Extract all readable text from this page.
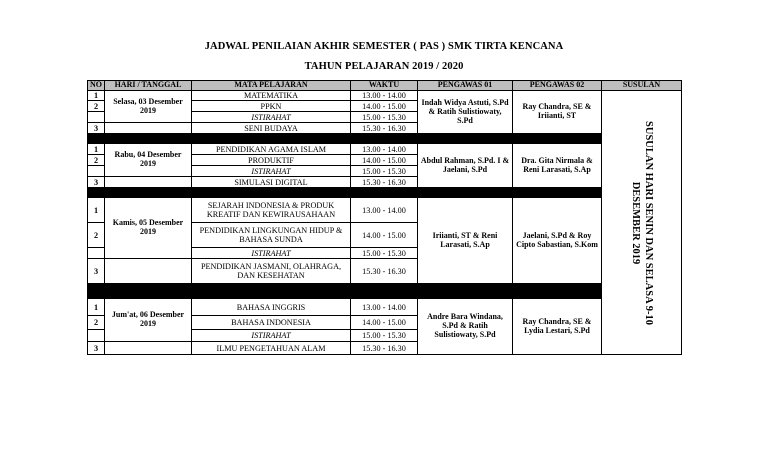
JADWAL PENILAIAN AKHIR SEMESTER ( PAS ) SMK TIRTA KENCANA
TAHUN PELAJARAN 2019 / 2020
NO	HARI / TANGGAL	MATA PELAJARAN	WAKTU	PENGAWAS 01	PENGAWAS 02	SUSULAN
1	Selasa, 03 Desember 2019	MATEMATIKA	13.00 - 14.00	Indah Widya Astuti, S.Pd & Ratih Sulistiowaty, S.Pd	Ray Chandra, SE & Iriianti, ST	SUSULAN HARI SENIN DAN SELASA 9-10 DESEMBER 2019

2		PPKN	14.00 - 15.00			
		ISTIRAHAT	15.00 - 15.30			
3		SENI BUDAYA	15.30 - 16.30			

1	Rabu, 04 Desember 2019	PENDIDIKAN AGAMA ISLAM	13.00 - 14.00	Abdul Rahman, S.Pd. I & Jaelani, S.Pd	Dra. Gita Nirmala & Reni Larasati, S.Ap	
2		PRODUKTIF	14.00 - 15.00			
		ISTIRAHAT	15.00 - 15.30			
3		SIMULASI DIGITAL	15.30 - 16.30			

1	Kamis, 05 Desember 2019	SEJARAH INDONESIA & PRODUK KREATIF DAN KEWIRAUSAHAAN	13.00 - 14.00	Iriianti, ST & Reni Larasati, S.Ap	Jaelani, S.Pd & Roy Cipto Sabastian, S.Kom	
2		PENDIDIKAN LINGKUNGAN HIDUP & BAHASA SUNDA	14.00 - 15.00			
		ISTIRAHAT	15.00 - 15.30			
3		PENDIDIKAN JASMANI, OLAHRAGA, DAN KESEHATAN	15.30 - 16.30			

1	Jum'at, 06 Desember 2019	BAHASA INGGRIS	13.00 - 14.00	Andre Bara Windana, S.Pd & Ratih Sulistiowaty, S.Pd	Ray Chandra, SE & Lydia Lestari, S.Pd	
2		BAHASA INDONESIA	14.00 - 15.00			
		ISTIRAHAT	15.00 - 15.30			
3		ILMU PENGETAHUAN ALAM	15.30 - 16.30			
